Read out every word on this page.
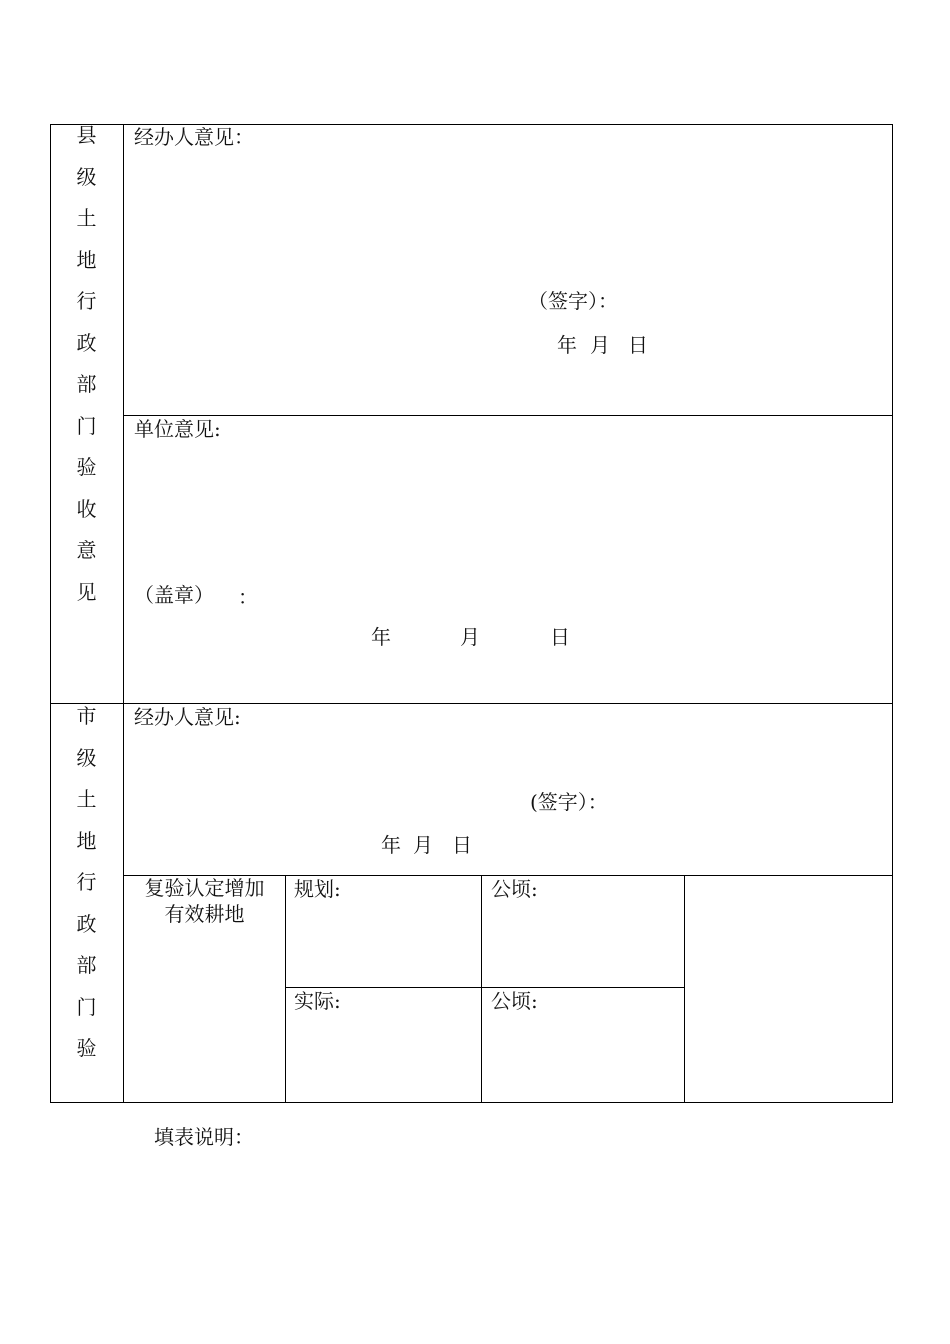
县
级
土
地
行
政
部
门
验
收
意
见
经办人意见：
（签字）：
年 月 日
单位意见:
（盖章） ：
年	月	日
市
级
土
地
行
政
部
门
验
经办人意见:
(签字）：
年 月 日
复验认定增加
有效耕地
规划:	公顷:
实际:	公顷:
填表说明：
